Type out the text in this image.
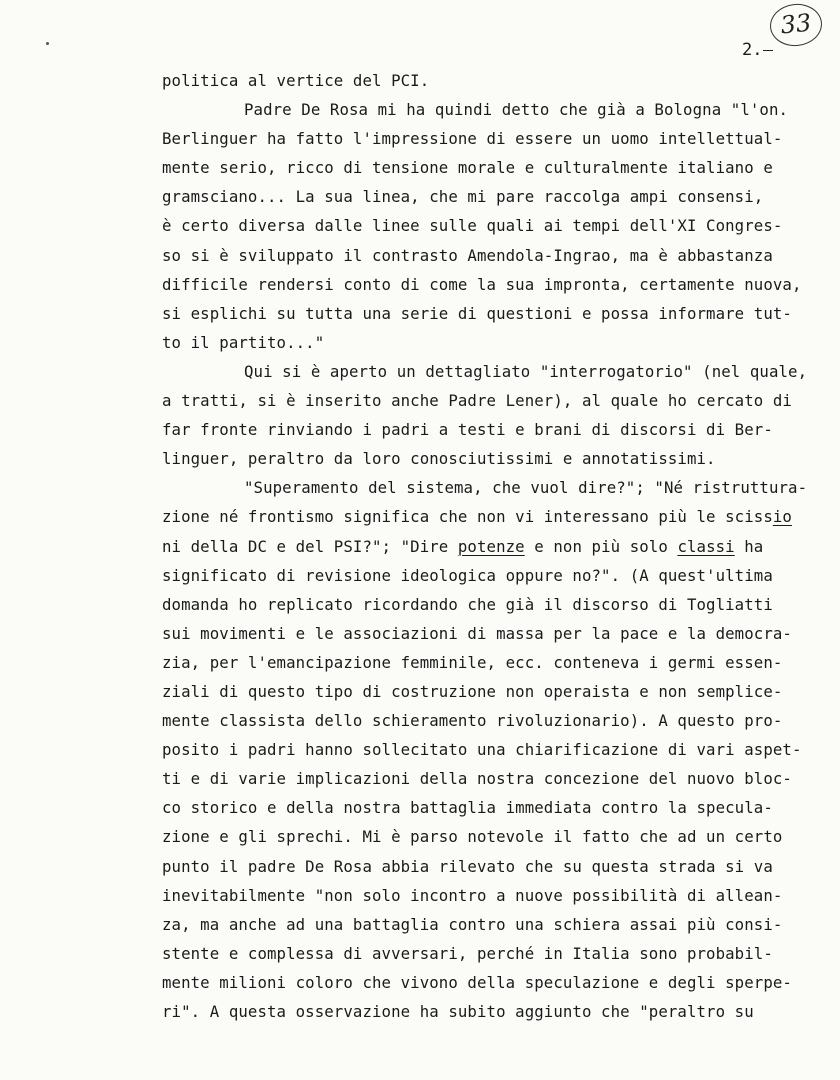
33
2.
politica al vertice del PCI.
Padre De Rosa mi ha quindi detto che già a Bologna "l'on.
Berlinguer ha fatto l'impressione di essere un uomo intellettual-
mente serio, ricco di tensione morale e culturalmente italiano e
gramsciano... La sua linea, che mi pare raccolga ampi consensi,
è certo diversa dalle linee sulle quali ai tempi dell'XI Congres-
so si è sviluppato il contrasto Amendola-Ingrao, ma è abbastanza
difficile rendersi conto di come la sua impronta, certamente nuova,
si esplichi su tutta una serie di questioni e possa informare tut-
to il partito..."
Qui si è aperto un dettagliato "interrogatorio" (nel quale,
a tratti, si è inserito anche Padre Lener), al quale ho cercato di
far fronte rinviando i padri a testi e brani di discorsi di Ber-
linguer, peraltro da loro conosciutissimi e annotatissimi.
"Superamento del sistema, che vuol dire?"; "Né ristruttura-
zione né frontismo significa che non vi interessano più le scissio
ni della DC e del PSI?"; "Dire potenze e non più solo classi ha
significato di revisione ideologica oppure no?". (A quest'ultima
domanda ho replicato ricordando che già il discorso di Togliatti
sui movimenti e le associazioni di massa per la pace e la democra-
zia, per l'emancipazione femminile, ecc. conteneva i germi essen-
ziali di questo tipo di costruzione non operaista e non semplice-
mente classista dello schieramento rivoluzionario). A questo pro-
posito i padri hanno sollecitato una chiarificazione di vari aspet-
ti e di varie implicazioni della nostra concezione del nuovo bloc-
co storico e della nostra battaglia immediata contro la specula-
zione e gli sprechi. Mi è parso notevole il fatto che ad un certo
punto il padre De Rosa abbia rilevato che su questa strada si va
inevitabilmente "non solo incontro a nuove possibilità di allean-
za, ma anche ad una battaglia contro una schiera assai più consi-
stente e complessa di avversari, perché in Italia sono probabil-
mente milioni coloro che vivono della speculazione e degli sperpe-
ri". A questa osservazione ha subito aggiunto che "peraltro su
